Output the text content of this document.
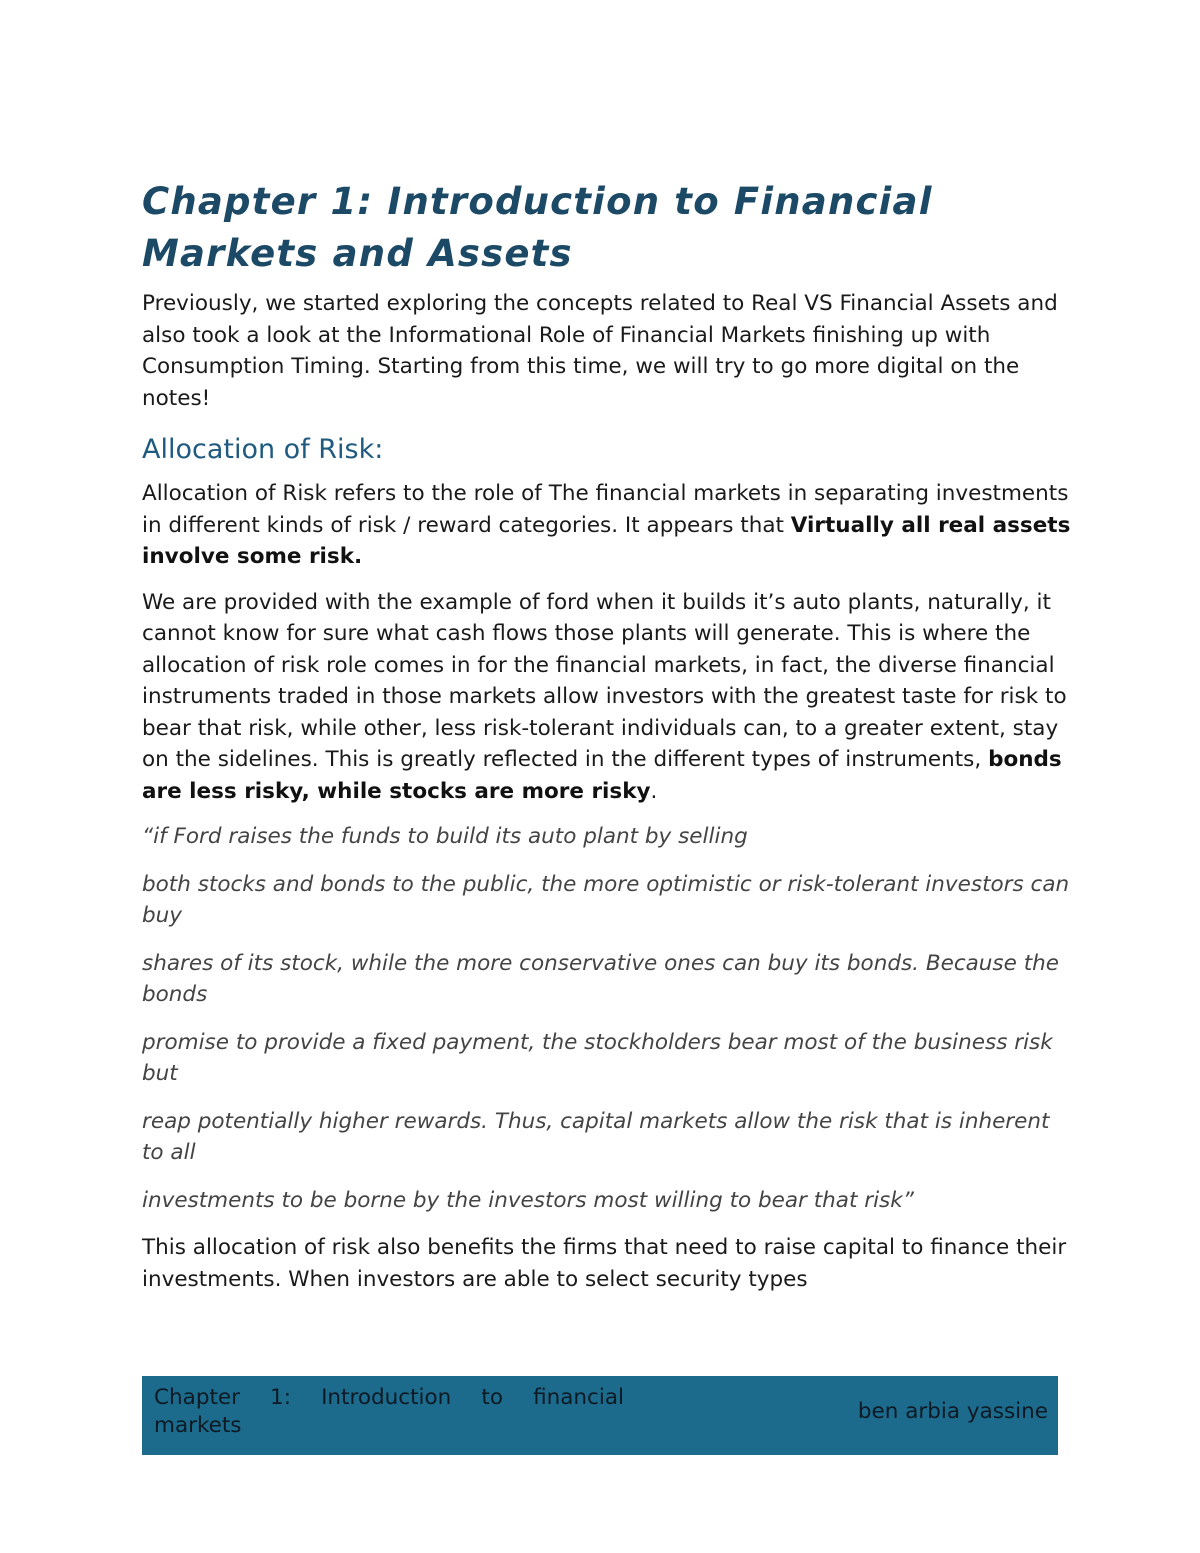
Chapter 1: Introduction to Financial Markets and Assets

Previously, we started exploring the concepts related to Real VS Financial Assets and also took a look at the Informational Role of Financial Markets finishing up with Consumption Timing. Starting from this time, we will try to go more digital on the notes!

Allocation of Risk:

Allocation of Risk refers to the role of The financial markets in separating investments in different kinds of risk / reward categories. It appears that Virtually all real assets involve some risk.

We are provided with the example of ford when it builds it’s auto plants, naturally, it cannot know for sure what cash flows those plants will generate. This is where the allocation of risk role comes in for the financial markets, in fact, the diverse financial instruments traded in those markets allow investors with the greatest taste for risk to bear that risk, while other, less risk-tolerant individuals can, to a greater extent, stay on the sidelines. This is greatly reflected in the different types of instruments, bonds are less risky, while stocks are more risky.

“if Ford raises the funds to build its auto plant by selling

both stocks and bonds to the public, the more optimistic or risk-tolerant investors can buy

shares of its stock, while the more conservative ones can buy its bonds. Because the bonds

promise to provide a fixed payment, the stockholders bear most of the business risk but

reap potentially higher rewards. Thus, capital markets allow the risk that is inherent to all

investments to be borne by the investors most willing to bear that risk”

This allocation of risk also benefits the firms that need to raise capital to finance their investments. When investors are able to select security types

Chapter 1: Introduction to financial markets
ben arbia yassine
